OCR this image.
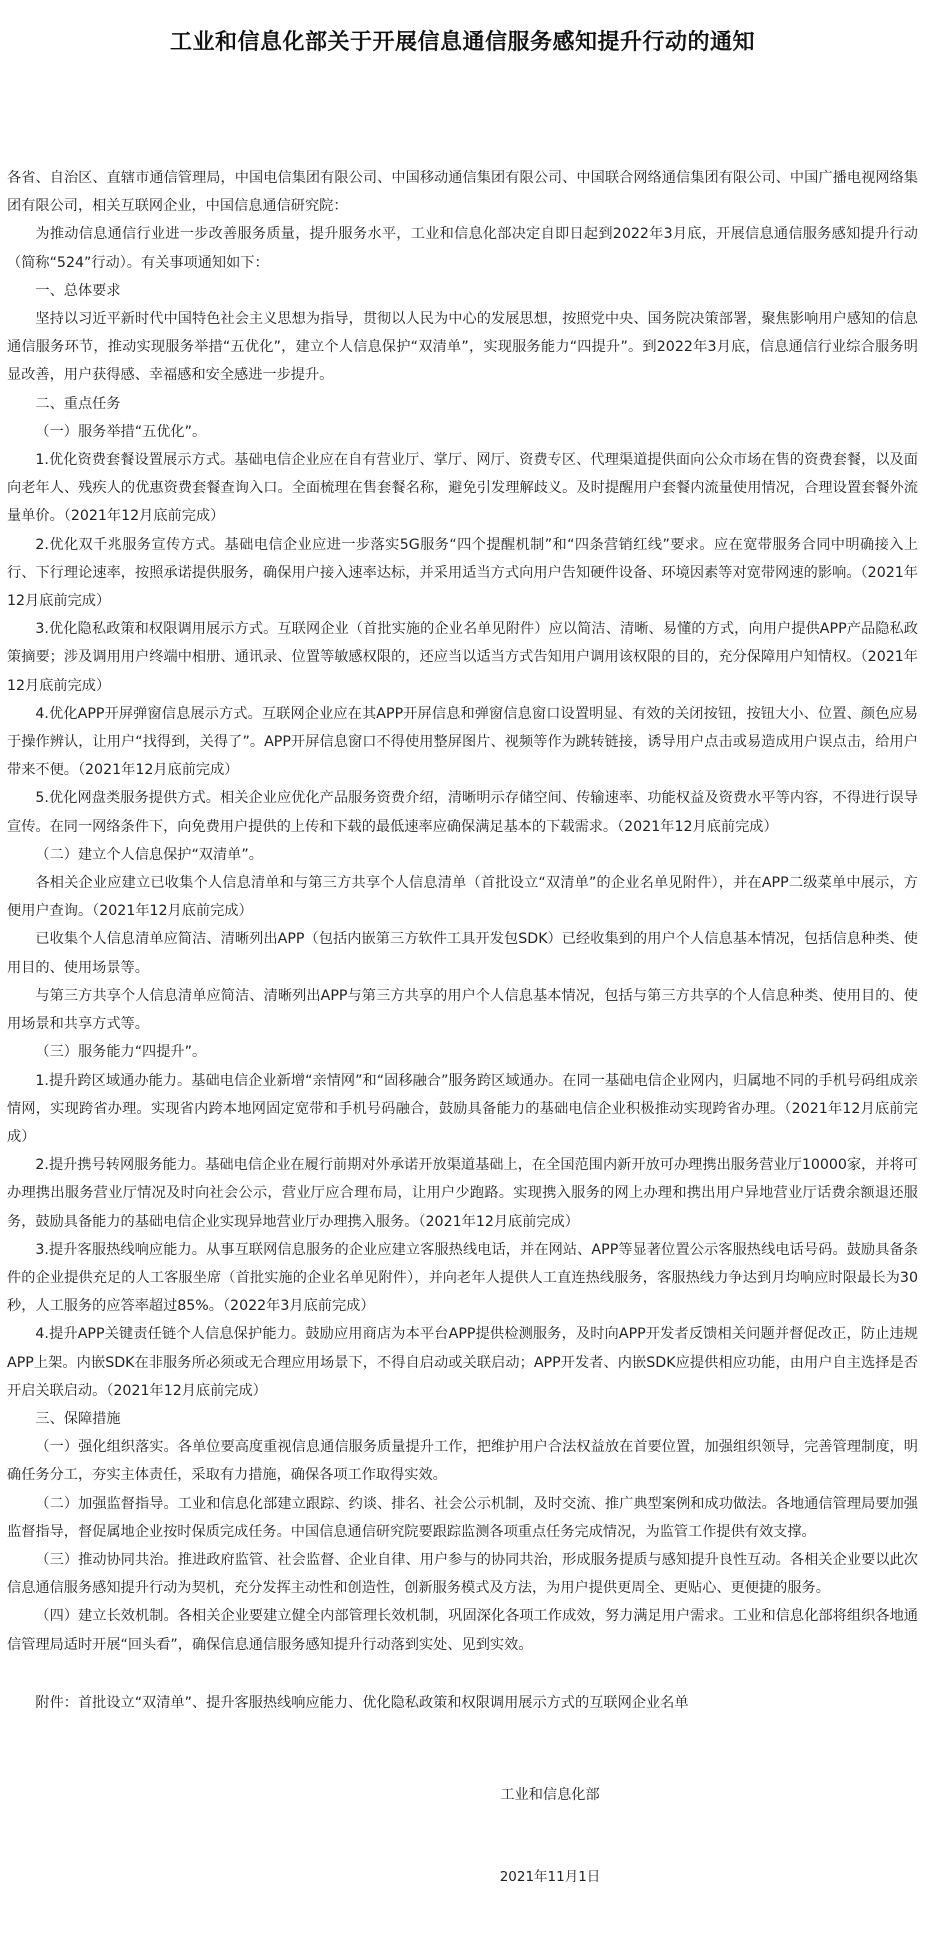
工业和信息化部关于开展信息通信服务感知提升行动的通知

各省、自治区、直辖市通信管理局，中国电信集团有限公司、中国移动通信集团有限公司、中国联合网络通信集团有限公司、中国广播电视网络集团有限公司，相关互联网企业，中国信息通信研究院：

为推动信息通信行业进一步改善服务质量，提升服务水平，工业和信息化部决定自即日起到2022年3月底，开展信息通信服务感知提升行动（简称“524”行动）。有关事项通知如下：

一、总体要求

坚持以习近平新时代中国特色社会主义思想为指导，贯彻以人民为中心的发展思想，按照党中央、国务院决策部署，聚焦影响用户感知的信息通信服务环节，推动实现服务举措“五优化”，建立个人信息保护“双清单”，实现服务能力“四提升”。到2022年3月底，信息通信行业综合服务明显改善，用户获得感、幸福感和安全感进一步提升。

二、重点任务

（一）服务举措“五优化”。

1.优化资费套餐设置展示方式。基础电信企业应在自有营业厅、掌厅、网厅、资费专区、代理渠道提供面向公众市场在售的资费套餐，以及面向老年人、残疾人的优惠资费套餐查询入口。全面梳理在售套餐名称，避免引发理解歧义。及时提醒用户套餐内流量使用情况，合理设置套餐外流量单价。（2021年12月底前完成）

2.优化双千兆服务宣传方式。基础电信企业应进一步落实5G服务“四个提醒机制”和“四条营销红线”要求。应在宽带服务合同中明确接入上行、下行理论速率，按照承诺提供服务，确保用户接入速率达标，并采用适当方式向用户告知硬件设备、环境因素等对宽带网速的影响。（2021年12月底前完成）

3.优化隐私政策和权限调用展示方式。互联网企业（首批实施的企业名单见附件）应以简洁、清晰、易懂的方式，向用户提供APP产品隐私政策摘要；涉及调用用户终端中相册、通讯录、位置等敏感权限的，还应当以适当方式告知用户调用该权限的目的，充分保障用户知情权。（2021年12月底前完成）

4.优化APP开屏弹窗信息展示方式。互联网企业应在其APP开屏信息和弹窗信息窗口设置明显、有效的关闭按钮，按钮大小、位置、颜色应易于操作辨认，让用户“找得到，关得了”。APP开屏信息窗口不得使用整屏图片、视频等作为跳转链接，诱导用户点击或易造成用户误点击，给用户带来不便。（2021年12月底前完成）

5.优化网盘类服务提供方式。相关企业应优化产品服务资费介绍，清晰明示存储空间、传输速率、功能权益及资费水平等内容，不得进行误导宣传。在同一网络条件下，向免费用户提供的上传和下载的最低速率应确保满足基本的下载需求。（2021年12月底前完成）

（二）建立个人信息保护“双清单”。

各相关企业应建立已收集个人信息清单和与第三方共享个人信息清单（首批设立“双清单”的企业名单见附件），并在APP二级菜单中展示，方便用户查询。（2021年12月底前完成）

已收集个人信息清单应简洁、清晰列出APP（包括内嵌第三方软件工具开发包SDK）已经收集到的用户个人信息基本情况，包括信息种类、使用目的、使用场景等。

与第三方共享个人信息清单应简洁、清晰列出APP与第三方共享的用户个人信息基本情况，包括与第三方共享的个人信息种类、使用目的、使用场景和共享方式等。

（三）服务能力“四提升”。

1.提升跨区域通办能力。基础电信企业新增“亲情网”和“固移融合”服务跨区域通办。在同一基础电信企业网内，归属地不同的手机号码组成亲情网，实现跨省办理。实现省内跨本地网固定宽带和手机号码融合，鼓励具备能力的基础电信企业积极推动实现跨省办理。（2021年12月底前完成）

2.提升携号转网服务能力。基础电信企业在履行前期对外承诺开放渠道基础上，在全国范围内新开放可办理携出服务营业厅10000家，并将可办理携出服务营业厅情况及时向社会公示，营业厅应合理布局，让用户少跑路。实现携入服务的网上办理和携出用户异地营业厅话费余额退还服务，鼓励具备能力的基础电信企业实现异地营业厅办理携入服务。（2021年12月底前完成）

3.提升客服热线响应能力。从事互联网信息服务的企业应建立客服热线电话，并在网站、APP等显著位置公示客服热线电话号码。鼓励具备条件的企业提供充足的人工客服坐席（首批实施的企业名单见附件），并向老年人提供人工直连热线服务，客服热线力争达到月均响应时限最长为30秒，人工服务的应答率超过85%。（2022年3月底前完成）

4.提升APP关键责任链个人信息保护能力。鼓励应用商店为本平台APP提供检测服务，及时向APP开发者反馈相关问题并督促改正，防止违规APP上架。内嵌SDK在非服务所必须或无合理应用场景下，不得自启动或关联启动；APP开发者、内嵌SDK应提供相应功能，由用户自主选择是否开启关联启动。（2021年12月底前完成）

三、保障措施

（一）强化组织落实。各单位要高度重视信息通信服务质量提升工作，把维护用户合法权益放在首要位置，加强组织领导，完善管理制度，明确任务分工，夯实主体责任，采取有力措施，确保各项工作取得实效。

（二）加强监督指导。工业和信息化部建立跟踪、约谈、排名、社会公示机制，及时交流、推广典型案例和成功做法。各地通信管理局要加强监督指导，督促属地企业按时保质完成任务。中国信息通信研究院要跟踪监测各项重点任务完成情况，为监管工作提供有效支撑。

（三）推动协同共治。推进政府监管、社会监督、企业自律、用户参与的协同共治，形成服务提质与感知提升良性互动。各相关企业要以此次信息通信服务感知提升行动为契机，充分发挥主动性和创造性，创新服务模式及方法，为用户提供更周全、更贴心、更便捷的服务。

（四）建立长效机制。各相关企业要建立健全内部管理长效机制，巩固深化各项工作成效，努力满足用户需求。工业和信息化部将组织各地通信管理局适时开展“回头看”，确保信息通信服务感知提升行动落到实处、见到实效。

附件：首批设立“双清单”、提升客服热线响应能力、优化隐私政策和权限调用展示方式的互联网企业名单

工业和信息化部
2021年11月1日
